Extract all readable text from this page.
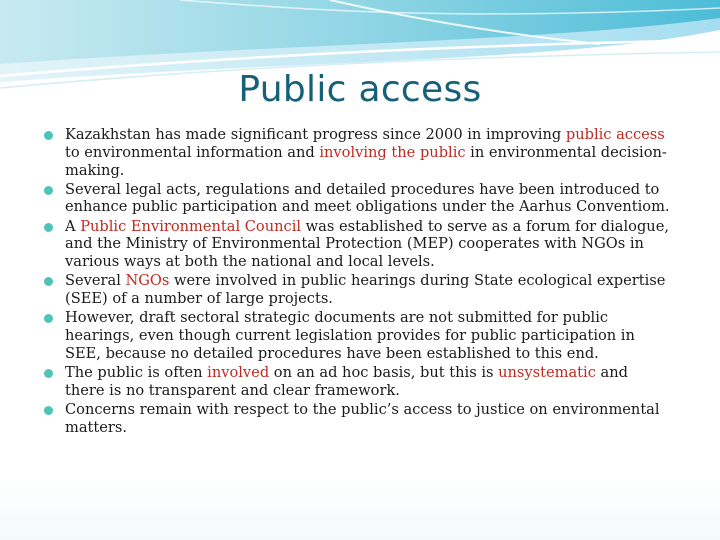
Public access
Kazakhstan has made significant progress since 2000 in improving public access to environmental information and involving the public in environmental decision-making.
Several legal acts, regulations and detailed procedures have been introduced to enhance public participation and meet obligations under the Aarhus Conventiom.
A Public Environmental Council was established to serve as a forum for dialogue, and the Ministry of Environmental Protection (MEP) cooperates with NGOs in various ways at both the national and local levels.
Several NGOs were involved in public hearings during State ecological expertise (SEE) of a number of large projects.
However, draft sectoral strategic documents are not submitted for public hearings, even though current legislation provides for public participation in SEE, because no detailed procedures have been established to this end.
The public is often involved on an ad hoc basis, but this is unsystematic and there is no transparent and clear framework.
Concerns remain with respect to the public’s access to justice on environmental matters.
